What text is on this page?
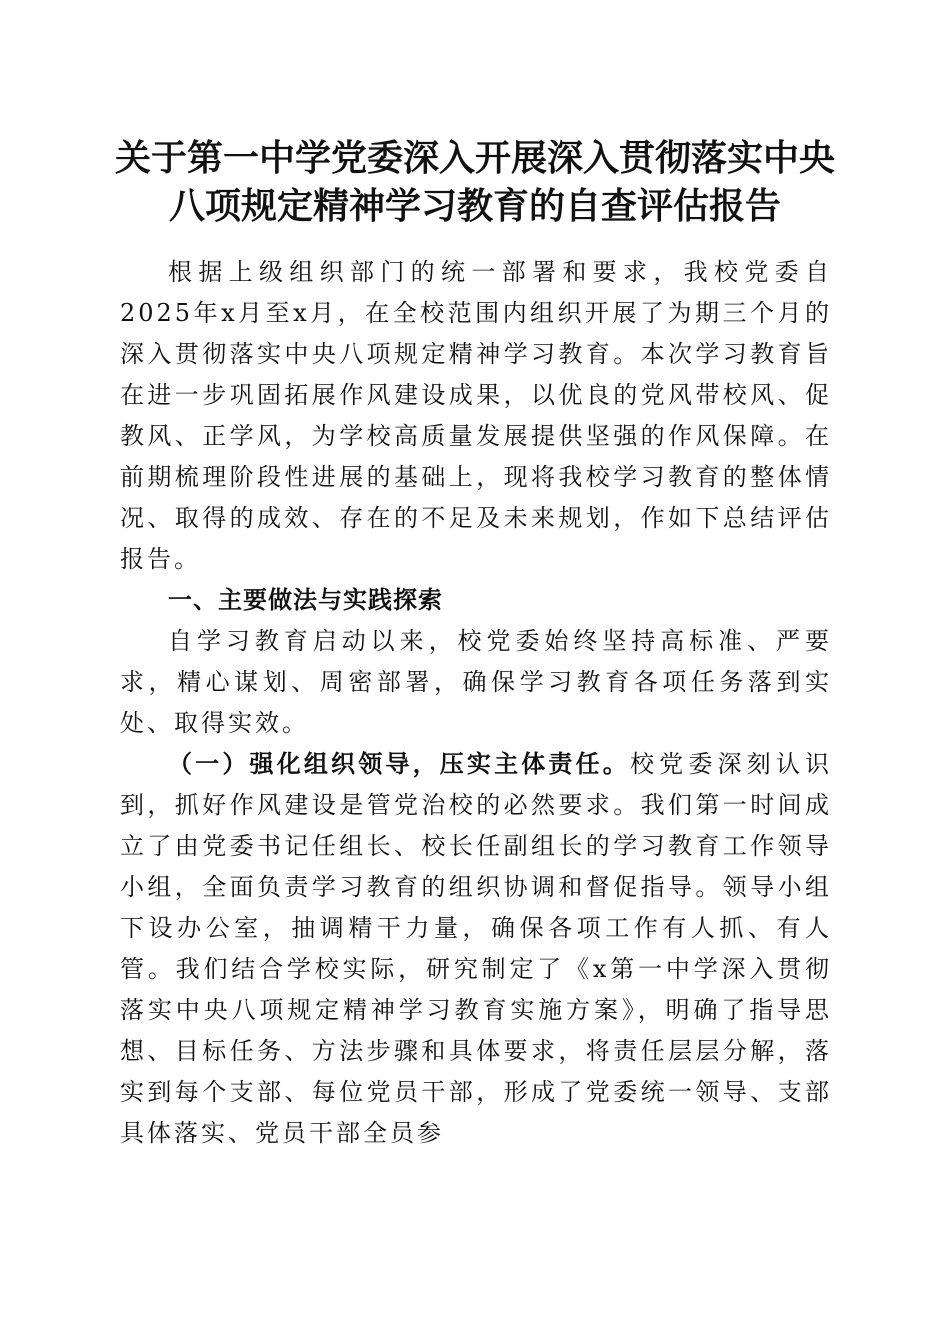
关于第一中学党委深入开展深入贯彻落实中央
八项规定精神学习教育的自查评估报告

根据上级组织部门的统一部署和要求，我校党委自2025年x月至x月，在全校范围内组织开展了为期三个月的深入贯彻落实中央八项规定精神学习教育。本次学习教育旨在进一步巩固拓展作风建设成果，以优良的党风带校风、促教风、正学风，为学校高质量发展提供坚强的作风保障。在前期梳理阶段性进展的基础上，现将我校学习教育的整体情况、取得的成效、存在的不足及未来规划，作如下总结评估报告。

一、主要做法与实践探索

自学习教育启动以来，校党委始终坚持高标准、严要求，精心谋划、周密部署，确保学习教育各项任务落到实处、取得实效。

（一）强化组织领导，压实主体责任。校党委深刻认识到，抓好作风建设是管党治校的必然要求。我们第一时间成立了由党委书记任组长、校长任副组长的学习教育工作领导小组，全面负责学习教育的组织协调和督促指导。领导小组下设办公室，抽调精干力量，确保各项工作有人抓、有人管。我们结合学校实际，研究制定了《x第一中学深入贯彻落实中央八项规定精神学习教育实施方案》，明确了指导思想、目标任务、方法步骤和具体要求，将责任层层分解，落实到每个支部、每位党员干部，形成了党委统一领导、支部具体落实、党员干部全员参
